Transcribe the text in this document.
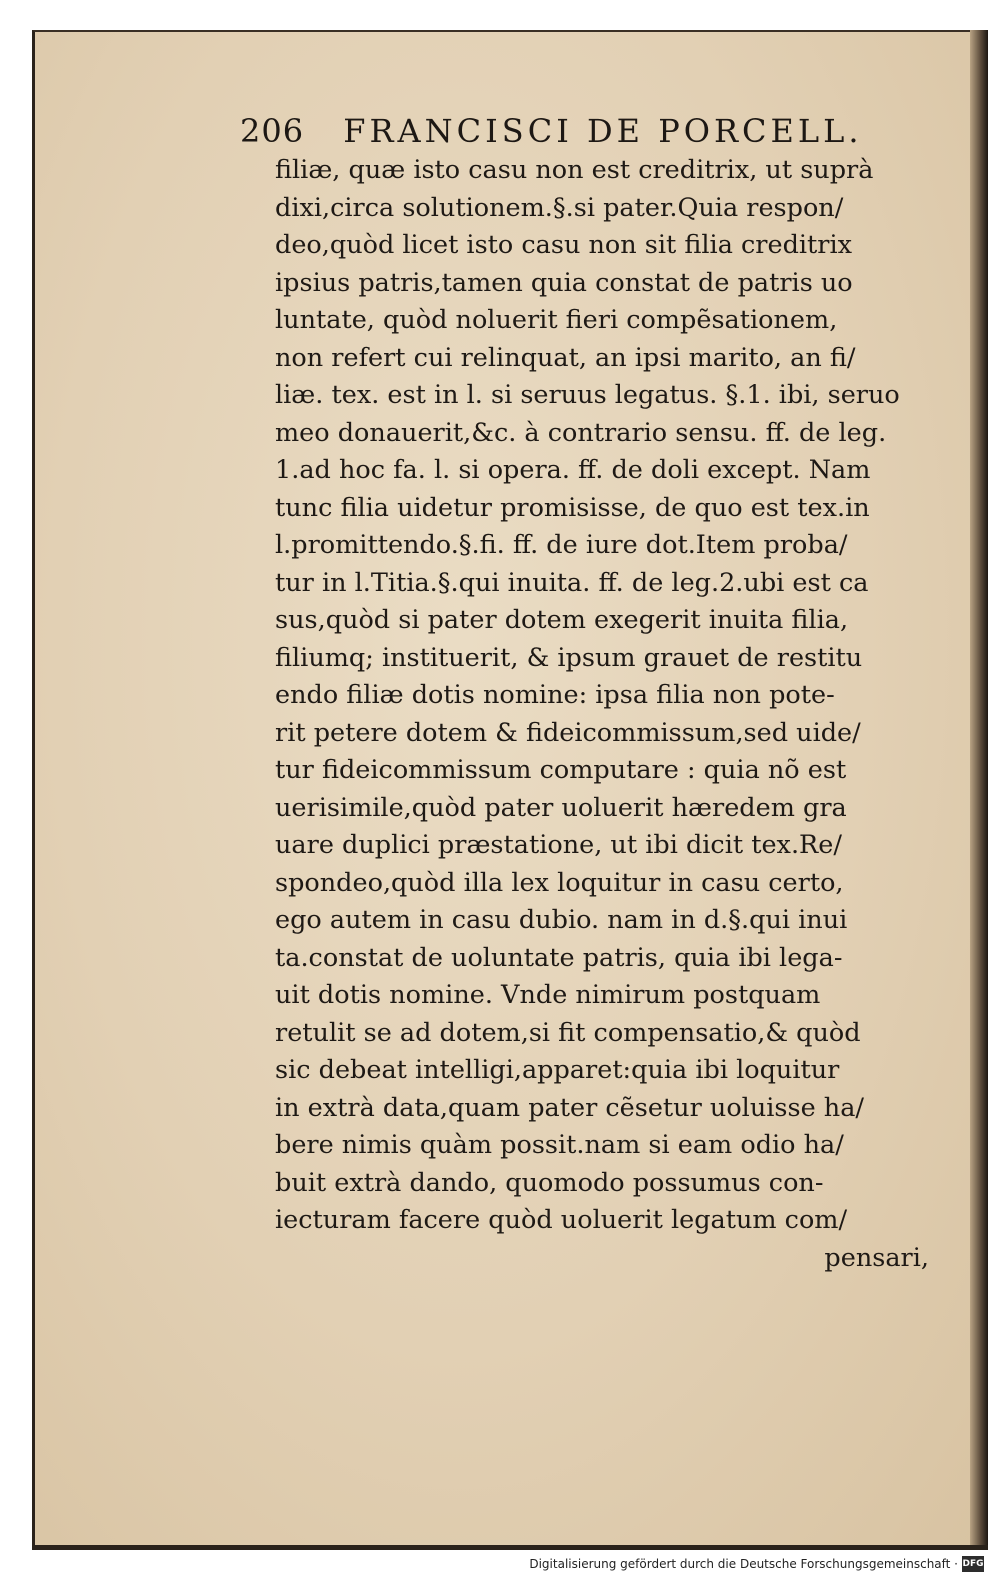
206 FRANCISCI DE PORCELL.
filiæ, quæ isto casu non est creditrix, ut suprà
dixi,circa solutionem.§.si pater.Quia respon/
deo,quòd licet isto casu non sit filia creditrix
ipsius patris,tamen quia constat de patris uo
luntate, quòd noluerit fieri compẽsationem,
non refert cui relinquat, an ipsi marito, an fi/
liæ. tex. est in l. si seruus legatus. §.1. ibi, seruo
meo donauerit,&c. à contrario sensu. ff. de leg.
1.ad hoc fa. l. si opera. ff. de doli except. Nam
tunc filia uidetur promisisse, de quo est tex.in
l.promittendo.§.fi. ff. de iure dot.Item proba/
tur in l.Titia.§.qui inuita. ff. de leg.2.ubi est ca
sus,quòd si pater dotem exegerit inuita filia,
filiumq; instituerit, & ipsum grauet de restitu
endo filiæ dotis nomine: ipsa filia non pote-
rit petere dotem & fideicommissum,sed uide/
tur fideicommissum computare : quia nõ est
uerisimile,quòd pater uoluerit hæredem gra
uare duplici præstatione, ut ibi dicit tex.Re/
spondeo,quòd illa lex loquitur in casu certo,
ego autem in casu dubio. nam in d.§.qui inui
ta.constat de uoluntate patris, quia ibi lega-
uit dotis nomine. Vnde nimirum postquam
retulit se ad dotem,si fit compensatio,& quòd
sic debeat intelligi,apparet:quia ibi loquitur
in extrà data,quam pater cẽsetur uoluisse ha/
bere nimis quàm possit.nam si eam odio ha/
buit extrà dando, quomodo possumus con-
iecturam facere quòd uoluerit legatum com/
pensari,
Digitalisierung gefördert durch die Deutsche Forschungsgemeinschaft · DFG
